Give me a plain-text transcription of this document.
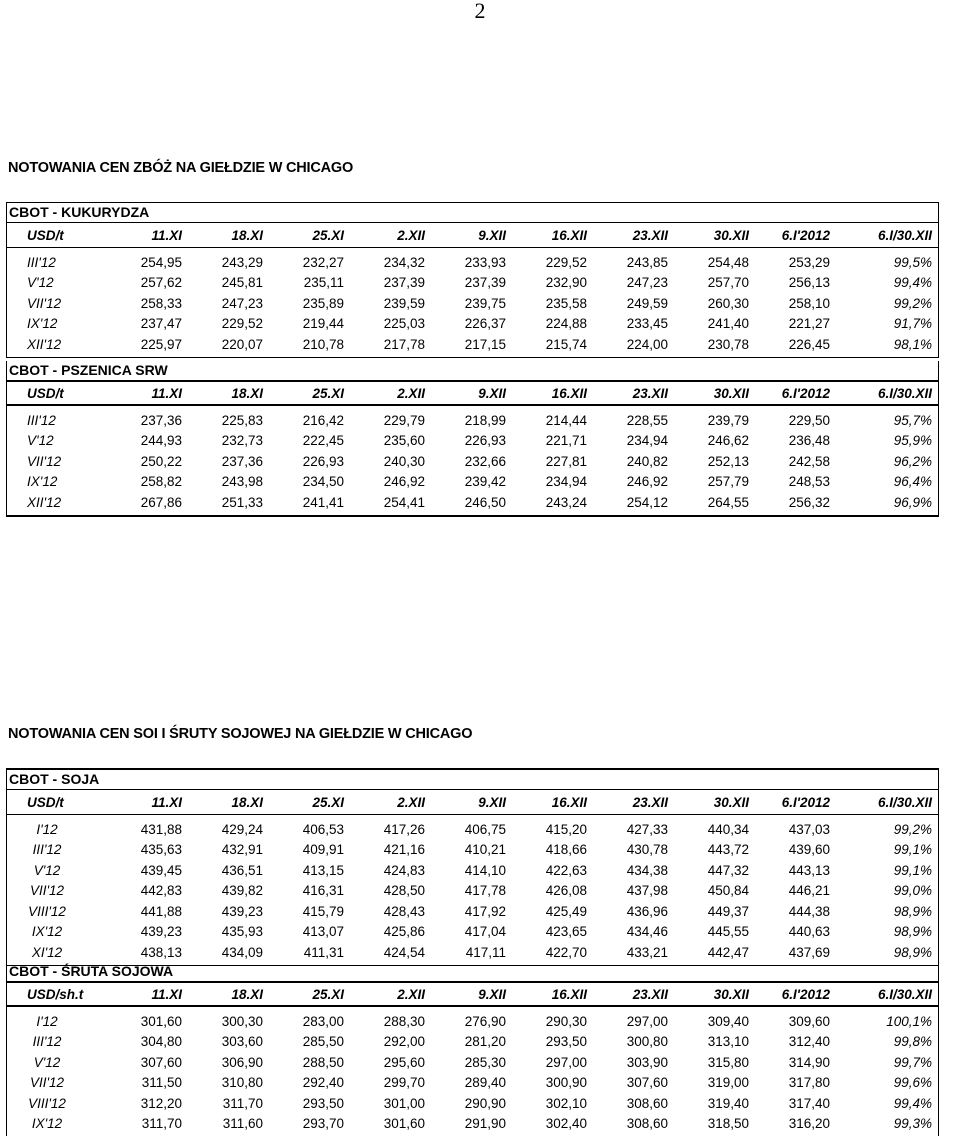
2
NOTOWANIA CEN ZBÓŻ NA GIEŁDZIE W CHICAGO
CBOT - KUKURYDZA
USD/t	11.XI	18.XI	25.XI	2.XII	9.XII	16.XII	23.XII	30.XII	6.I'2012	6.I/30.XII
III'12	254,95	243,29	232,27	234,32	233,93	229,52	243,85	254,48	253,29	99,5%
V'12	257,62	245,81	235,11	237,39	237,39	232,90	247,23	257,70	256,13	99,4%
VII'12	258,33	247,23	235,89	239,59	239,75	235,58	249,59	260,30	258,10	99,2%
IX'12	237,47	229,52	219,44	225,03	226,37	224,88	233,45	241,40	221,27	91,7%
XII'12	225,97	220,07	210,78	217,78	217,15	215,74	224,00	230,78	226,45	98,1%
CBOT - PSZENICA SRW
USD/t	11.XI	18.XI	25.XI	2.XII	9.XII	16.XII	23.XII	30.XII	6.I'2012	6.I/30.XII
III'12	237,36	225,83	216,42	229,79	218,99	214,44	228,55	239,79	229,50	95,7%
V'12	244,93	232,73	222,45	235,60	226,93	221,71	234,94	246,62	236,48	95,9%
VII'12	250,22	237,36	226,93	240,30	232,66	227,81	240,82	252,13	242,58	96,2%
IX'12	258,82	243,98	234,50	246,92	239,42	234,94	246,92	257,79	248,53	96,4%
XII'12	267,86	251,33	241,41	254,41	246,50	243,24	254,12	264,55	256,32	96,9%
NOTOWANIA CEN SOI I ŚRUTY SOJOWEJ NA GIEŁDZIE W CHICAGO
CBOT - SOJA
USD/t	11.XI	18.XI	25.XI	2.XII	9.XII	16.XII	23.XII	30.XII	6.I'2012	6.I/30.XII
I'12	431,88	429,24	406,53	417,26	406,75	415,20	427,33	440,34	437,03	99,2%
III'12	435,63	432,91	409,91	421,16	410,21	418,66	430,78	443,72	439,60	99,1%
V'12	439,45	436,51	413,15	424,83	414,10	422,63	434,38	447,32	443,13	99,1%
VII'12	442,83	439,82	416,31	428,50	417,78	426,08	437,98	450,84	446,21	99,0%
VIII'12	441,88	439,23	415,79	428,43	417,92	425,49	436,96	449,37	444,38	98,9%
IX'12	439,23	435,93	413,07	425,86	417,04	423,65	434,46	445,55	440,63	98,9%
XI'12	438,13	434,09	411,31	424,54	417,11	422,70	433,21	442,47	437,69	98,9%
CBOT - ŚRUTA SOJOWA
USD/sh.t	11.XI	18.XI	25.XI	2.XII	9.XII	16.XII	23.XII	30.XII	6.I'2012	6.I/30.XII
I'12	301,60	300,30	283,00	288,30	276,90	290,30	297,00	309,40	309,60	100,1%
III'12	304,80	303,60	285,50	292,00	281,20	293,50	300,80	313,10	312,40	99,8%
V'12	307,60	306,90	288,50	295,60	285,30	297,00	303,90	315,80	314,90	99,7%
VII'12	311,50	310,80	292,40	299,70	289,40	300,90	307,60	319,00	317,80	99,6%
VIII'12	312,20	311,70	293,50	301,00	290,90	302,10	308,60	319,40	317,40	99,4%
IX'12	311,70	311,60	293,70	301,60	291,90	302,40	308,60	318,50	316,20	99,3%
